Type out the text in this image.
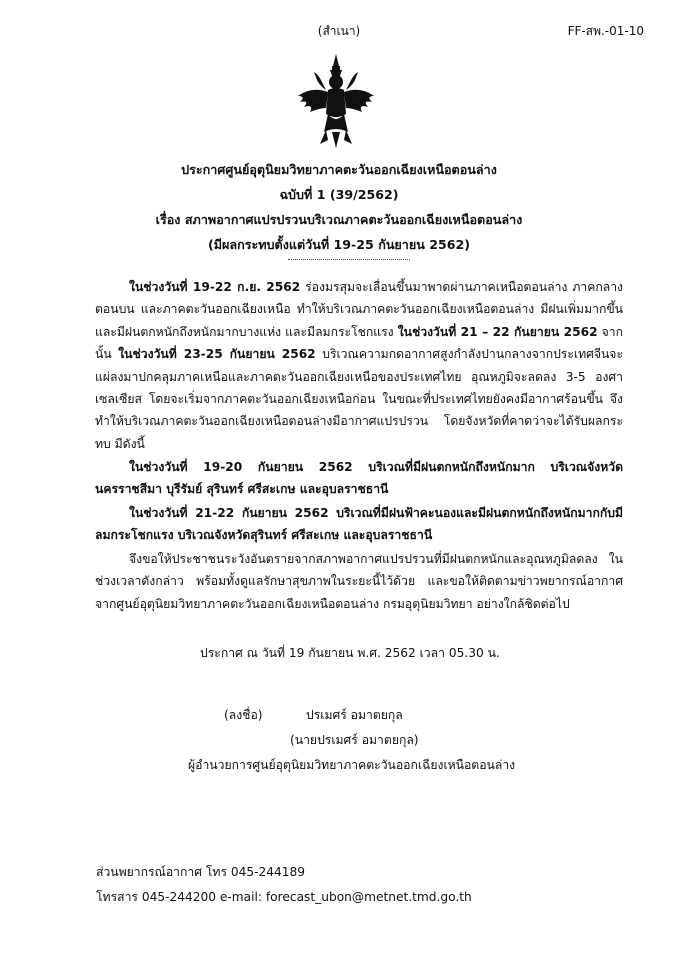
(สำเนา)	FF-สพ.-01-10
ประกาศศูนย์อุตุนิยมวิทยาภาคตะวันออกเฉียงเหนือตอนล่าง
ฉบับที่ 1 (39/2562)
เรื่อง สภาพอากาศแปรปรวนบริเวณภาคตะวันออกเฉียงเหนือตอนล่าง
(มีผลกระทบตั้งแต่วันที่ 19-25 กันยายน 2562)
ในช่วงวันที่ 19-22 ก.ย. 2562 ร่องมรสุมจะเลื่อนขึ้นมาพาดผ่านภาคเหนือตอนล่าง ภาคกลางตอนบน และภาคตะวันออกเฉียงเหนือ ทำให้บริเวณภาคตะวันออกเฉียงเหนือตอนล่าง มีฝนเพิ่มมากขึ้น และมีฝนตกหนักถึงหนักมากบางแห่ง และมีลมกระโชกแรง ในช่วงวันที่ 21 – 22 กันยายน 2562 จากนั้น ในช่วงวันที่ 23-25 กันยายน 2562 บริเวณความกดอากาศสูงกำลังปานกลางจากประเทศจีนจะแผ่ลงมาปกคลุมภาคเหนือและภาคตะวันออกเฉียงเหนือของประเทศไทย อุณหภูมิจะลดลง 3-5 องศาเซลเซียส โดยจะเริ่มจากภาคตะวันออกเฉียงเหนือก่อน ในขณะที่ประเทศไทยยังคงมีอากาศร้อนขึ้น จึงทำให้บริเวณภาคตะวันออกเฉียงเหนือตอนล่างมีอากาศแปรปรวน โดยจังหวัดที่คาดว่าจะได้รับผลกระทบ มีดังนี้
ในช่วงวันที่ 19-20 กันยายน 2562 บริเวณที่มีฝนตกหนักถึงหนักมาก บริเวณจังหวัดนครราชสีมา บุรีรัมย์ สุรินทร์ ศรีสะเกษ และอุบลราชธานี
ในช่วงวันที่ 21-22 กันยายน 2562 บริเวณที่มีฝนฟ้าคะนองและมีฝนตกหนักถึงหนักมากกับมีลมกระโชกแรง บริเวณจังหวัดสุรินทร์ ศรีสะเกษ และอุบลราชธานี
จึงขอให้ประชาชนระวังอันตรายจากสภาพอากาศแปรปรวนที่มีฝนตกหนักและอุณหภูมิลดลง ในช่วงเวลาดังกล่าว พร้อมทั้งดูแลรักษาสุขภาพในระยะนี้ไว้ด้วย และขอให้ติดตามข่าวพยากรณ์อากาศจากศูนย์อุตุนิยมวิทยาภาคตะวันออกเฉียงเหนือตอนล่าง กรมอุตุนิยมวิทยา อย่างใกล้ชิดต่อไป
ประกาศ ณ วันที่ 19 กันยายน พ.ศ. 2562 เวลา 05.30 น.
(ลงชื่อ)	ปรเมศร์ อมาตยกุล
(นายปรเมศร์ อมาตยกุล)
ผู้อำนวยการศูนย์อุตุนิยมวิทยาภาคตะวันออกเฉียงเหนือตอนล่าง
ส่วนพยากรณ์อากาศ โทร 045-244189
โทรสาร 045-244200 e-mail: forecast_ubon@metnet.tmd.go.th
